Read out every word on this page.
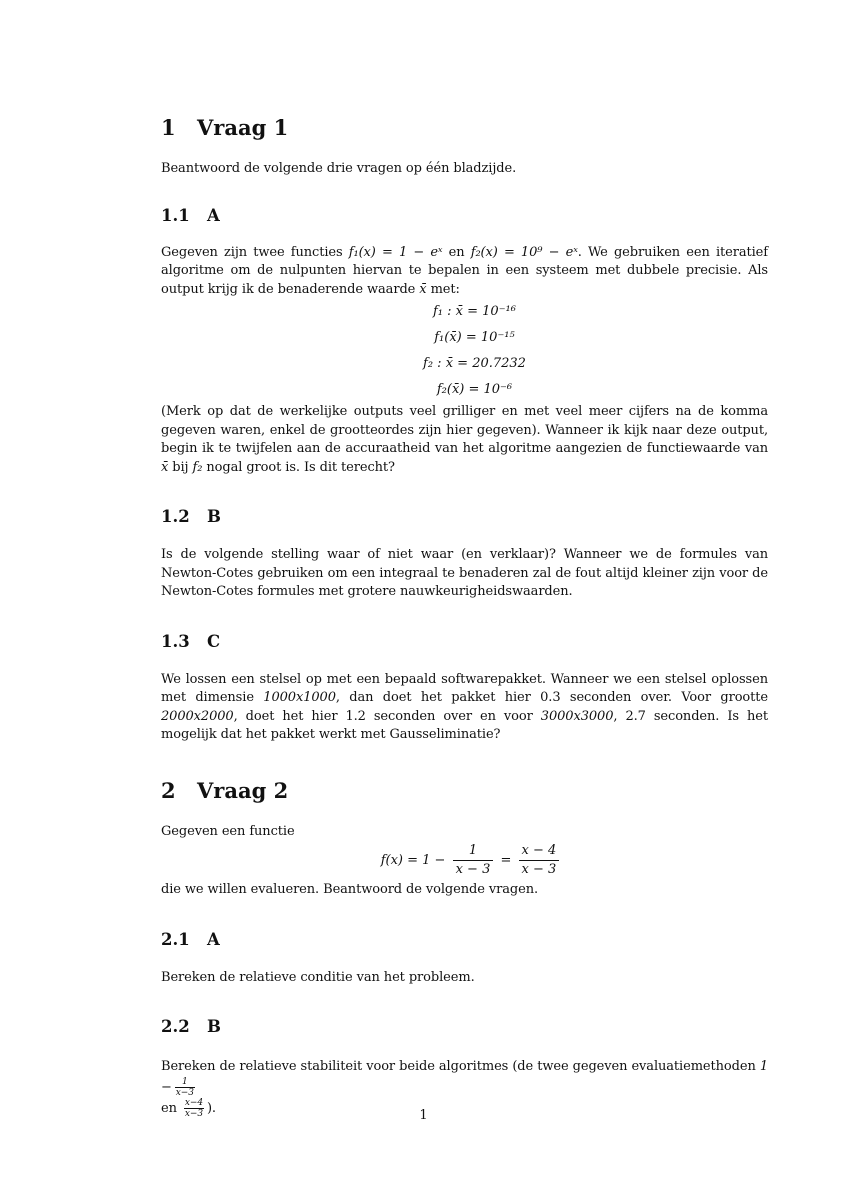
1 Vraag 1

Beantwoord de volgende drie vragen op één bladzijde.

1.1 A

Gegeven zijn twee functies f₁(x) = 1 − eˣ en f₂(x) = 10⁹ − eˣ. We gebruiken een iteratief algoritme om de nulpunten hiervan te bepalen in een systeem met dubbele precisie. Als output krijg ik de benaderende waarde x̄ met:

f₁ : x̄ = 10⁻¹⁶
f₁(x̄) = 10⁻¹⁵
f₂ : x̄ = 20.7232
f₂(x̄) = 10⁻⁶

(Merk op dat de werkelijke outputs veel grilliger en met veel meer cijfers na de komma gegeven waren, enkel de grootteordes zijn hier gegeven). Wanneer ik kijk naar deze output, begin ik te twijfelen aan de accuraatheid van het algoritme aangezien de functiewaarde van x̄ bij f₂ nogal groot is. Is dit terecht?

1.2 B

Is de volgende stelling waar of niet waar (en verklaar)? Wanneer we de formules van Newton-Cotes gebruiken om een integraal te benaderen zal de fout altijd kleiner zijn voor de Newton-Cotes formules met grotere nauwkeurigheidswaarden.

1.3 C

We lossen een stelsel op met een bepaald softwarepakket. Wanneer we een stelsel oplossen met dimensie 1000x1000, dan doet het pakket hier 0.3 seconden over. Voor grootte 2000x2000, doet het hier 1.2 seconden over en voor 3000x3000, 2.7 seconden. Is het mogelijk dat het pakket werkt met Gausseliminatie?

2 Vraag 2

Gegeven een functie

$f(x) = 1 - \frac{1}{x - 3} = \frac{x - 4}{x - 3}$

die we willen evalueren. Beantwoord de volgende vragen.

2.1 A

Bereken de relatieve conditie van het probleem.

2.2 B

Bereken de relatieve stabiliteit voor beide algoritmes (de twee gegeven evaluatiemethoden $1 - \frac{1}{x-3}$

en $\frac{x-4}{x-3}$ ).	1
